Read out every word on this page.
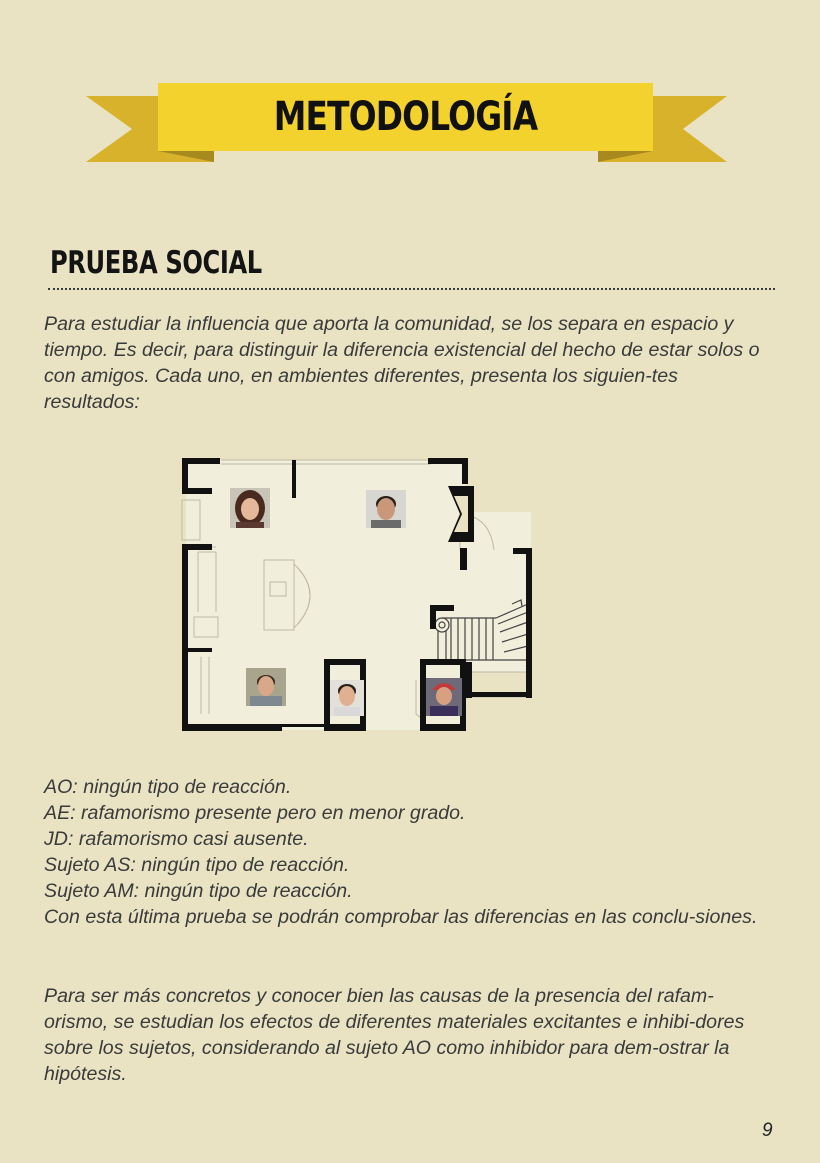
METODOLOGÍA
PRUEBA SOCIAL

Para estudiar la influencia que aporta la comunidad, se los separa en espacio y tiempo. Es decir, para distinguir la diferencia existencial del hecho de estar solos o con amigos. Cada uno, en ambientes diferentes, presenta los siguien-tes resultados:

AO: ningún tipo de reacción.
AE: rafamorismo presente pero en menor grado.
JD: rafamorismo casi ausente.
Sujeto AS: ningún tipo de reacción.
Sujeto AM: ningún tipo de reacción.
Con esta última prueba se podrán comprobar las diferencias en las conclu-siones.

Para ser más concretos y conocer bien las causas de la presencia del rafam-orismo, se estudian los efectos de diferentes materiales excitantes e inhibi-dores sobre los sujetos, considerando al sujeto AO como inhibidor para dem-ostrar la hipótesis.

9
